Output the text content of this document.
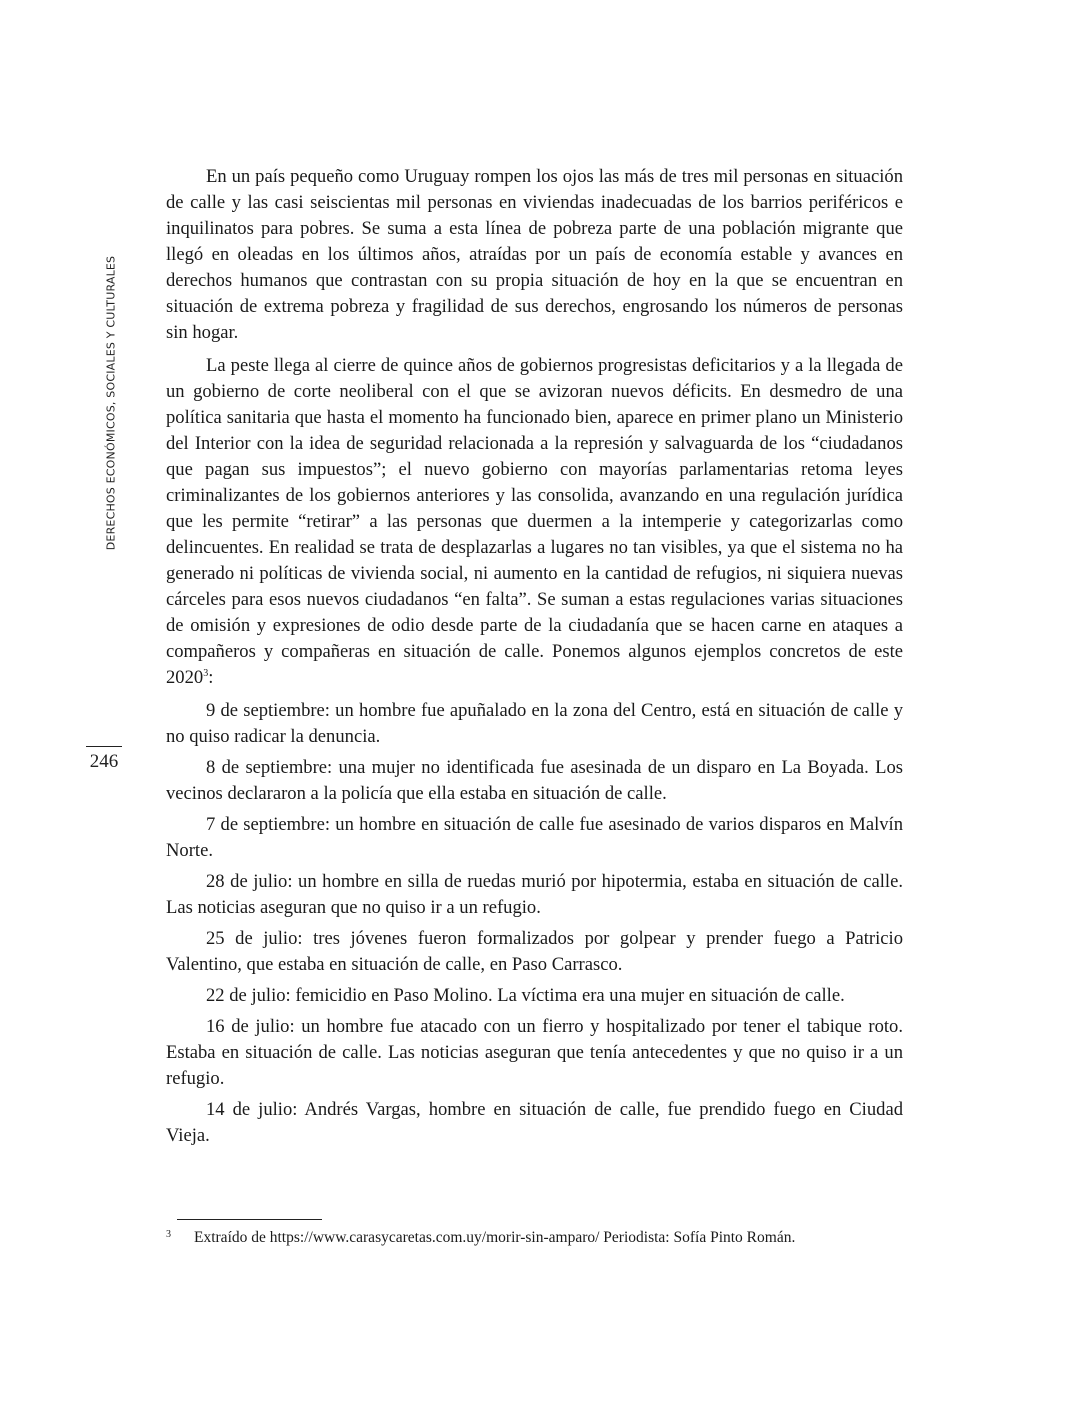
DERECHOS ECONÓMICOS, SOCIALES Y CULTURALES
246

En un país pequeño como Uruguay rompen los ojos las más de tres mil personas en situación de calle y las casi seiscientas mil personas en viviendas inadecuadas de los barrios periféricos e inquilinatos para pobres. Se suma a esta línea de pobreza parte de una población migrante que llegó en oleadas en los últimos años, atraídas por un país de economía estable y avances en derechos humanos que contrastan con su propia situación de hoy en la que se encuentran en situación de extrema pobreza y fragilidad de sus derechos, engrosando los números de personas sin hogar.

La peste llega al cierre de quince años de gobiernos progresistas deficitarios y a la llegada de un gobierno de corte neoliberal con el que se avizoran nuevos déficits. En desmedro de una política sanitaria que hasta el momento ha funcionado bien, aparece en primer plano un Ministerio del Interior con la idea de seguridad relacionada a la represión y salvaguarda de los “ciudadanos que pagan sus impuestos”; el nuevo gobierno con mayorías parlamentarias retoma leyes criminalizantes de los gobiernos anteriores y las consolida, avanzando en una regulación jurídica que les permite “retirar” a las personas que duermen a la intemperie y categorizarlas como delincuentes. En realidad se trata de desplazarlas a lugares no tan visibles, ya que el sistema no ha generado ni políticas de vivienda social, ni aumento en la cantidad de refugios, ni siquiera nuevas cárceles para esos nuevos ciudadanos “en falta”. Se suman a estas regulaciones varias situaciones de omisión y expresiones de odio desde parte de la ciudadanía que se hacen carne en ataques a compañeros y compañeras en situación de calle. Ponemos algunos ejemplos concretos de este 2020$^3$:

9 de septiembre: un hombre fue apuñalado en la zona del Centro, está en situación de calle y no quiso radicar la denuncia.

8 de septiembre: una mujer no identificada fue asesinada de un disparo en La Boyada. Los vecinos declararon a la policía que ella estaba en situación de calle.

7 de septiembre: un hombre en situación de calle fue asesinado de varios disparos en Malvín Norte.

28 de julio: un hombre en silla de ruedas murió por hipotermia, estaba en situación de calle. Las noticias aseguran que no quiso ir a un refugio.

25 de julio: tres jóvenes fueron formalizados por golpear y prender fuego a Patricio Valentino, que estaba en situación de calle, en Paso Carrasco.

22 de julio: femicidio en Paso Molino. La víctima era una mujer en situación de calle.

16 de julio: un hombre fue atacado con un fierro y hospitalizado por tener el tabique roto. Estaba en situación de calle. Las noticias aseguran que tenía antecedentes y que no quiso ir a un refugio.

14 de julio: Andrés Vargas, hombre en situación de calle, fue prendido fuego en Ciudad Vieja.

3 Extraído de https://www.carasycaretas.com.uy/morir-sin-amparo/ Periodista: Sofía Pinto Román.
